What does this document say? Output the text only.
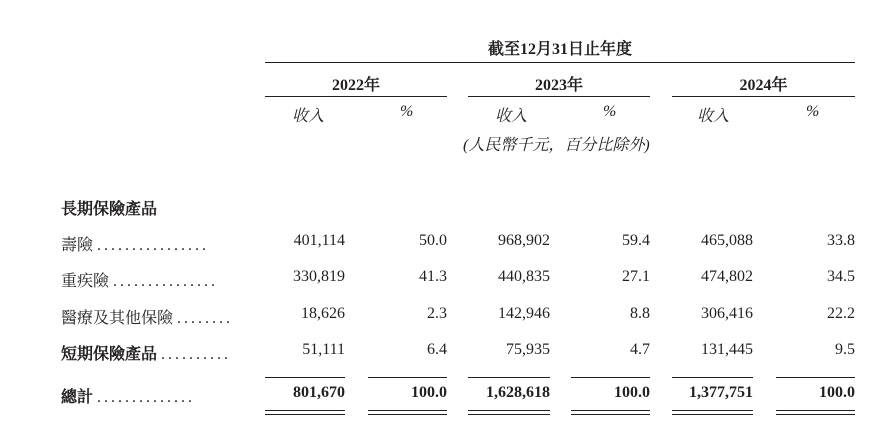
截至12月31日止年度
2022年	2023年	2024年
收入	%	收入	%	收入	%
(人民幣千元，百分比除外)
長期保險產品
壽險 ................	401,114	50.0	968,902	59.4	465,088	33.8
重疾險 ...............	330,819	41.3	440,835	27.1	474,802	34.5
醫療及其他保險 ........	18,626	2.3	142,946	8.8	306,416	22.2
短期保險產品 ..........	51,111	6.4	75,935	4.7	131,445	9.5
總計 ..............	801,670	100.0	1,628,618	100.0	1,377,751	100.0
